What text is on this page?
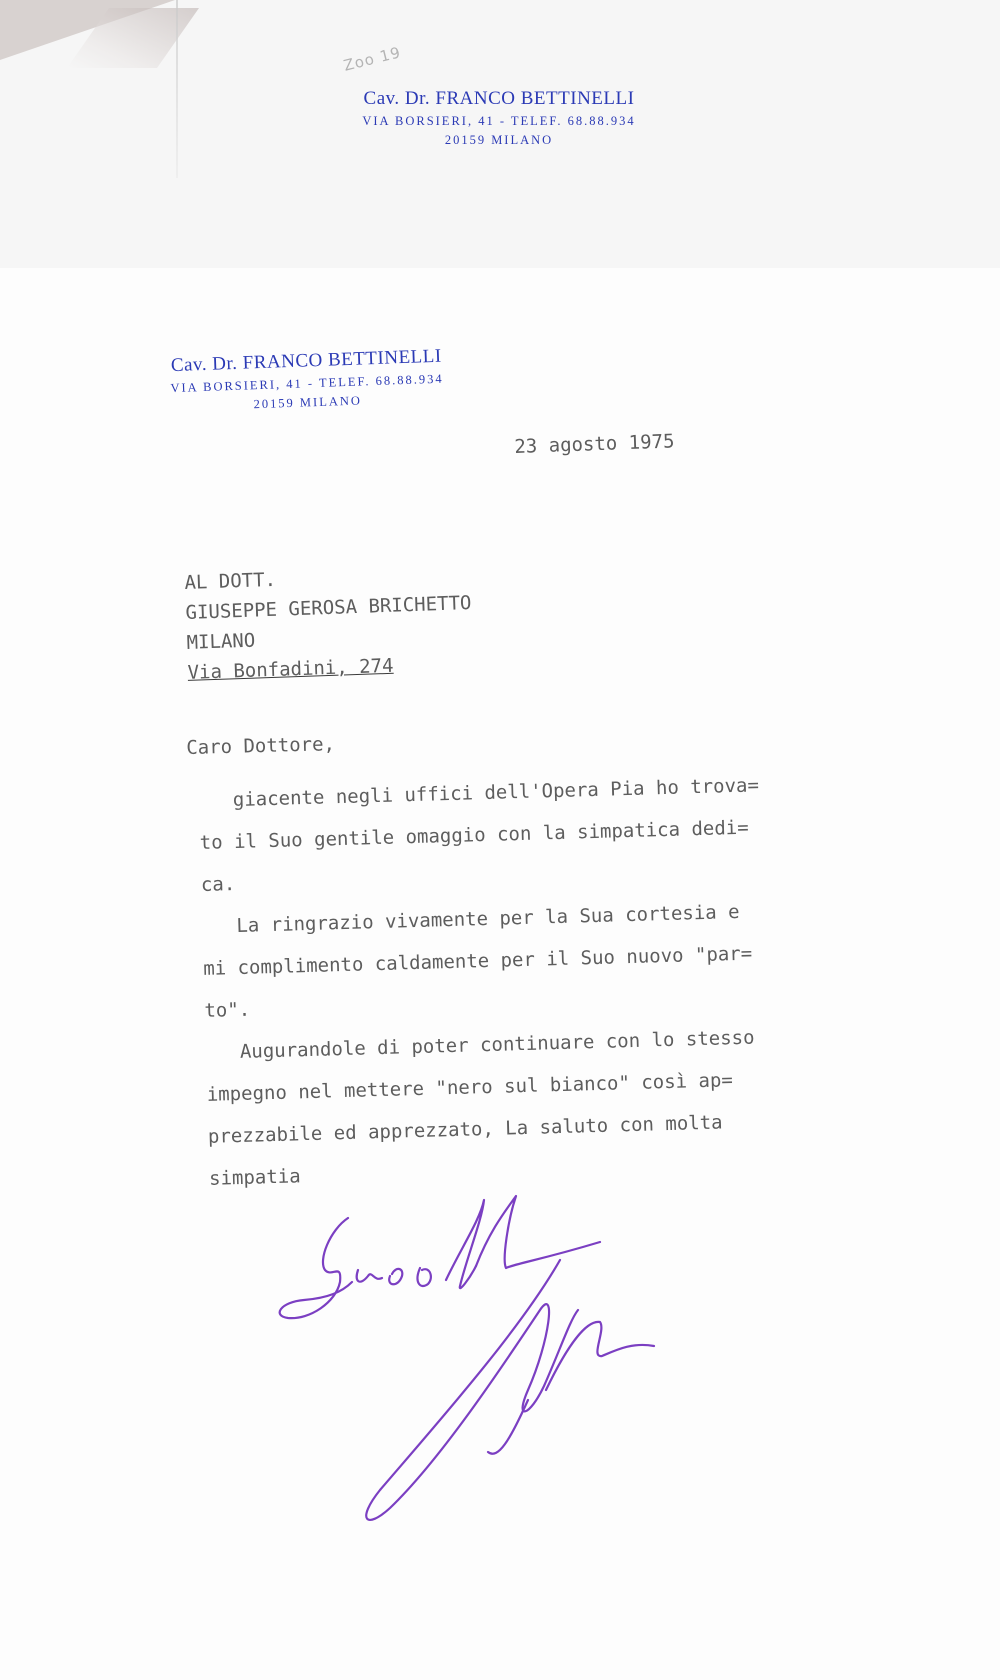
Zoo 19
Cav. Dr. FRANCO BETTINELLI
VIA BORSIERI, 41 - TELEF. 68.88.934
20159 MILANO
Cav. Dr. FRANCO BETTINELLI
VIA BORSIERI, 41 - TELEF. 68.88.934
20159 MILANO
23 agosto 1975
AL DOTT.
GIUSEPPE GEROSA BRICHETTO
MILANO
Via Bonfadini, 274
Caro Dottore,
giacente negli uffici dell'Opera Pia ho trova=
to il Suo gentile omaggio con la simpatica dedi=
ca.
La ringrazio vivamente per la Sua cortesia e
mi complimento caldamente per il Suo nuovo "par=
to".
Augurandole di poter continuare con lo stesso
impegno nel mettere "nero sul bianco" così ap=
prezzabile ed apprezzato, La saluto con molta
simpatia
